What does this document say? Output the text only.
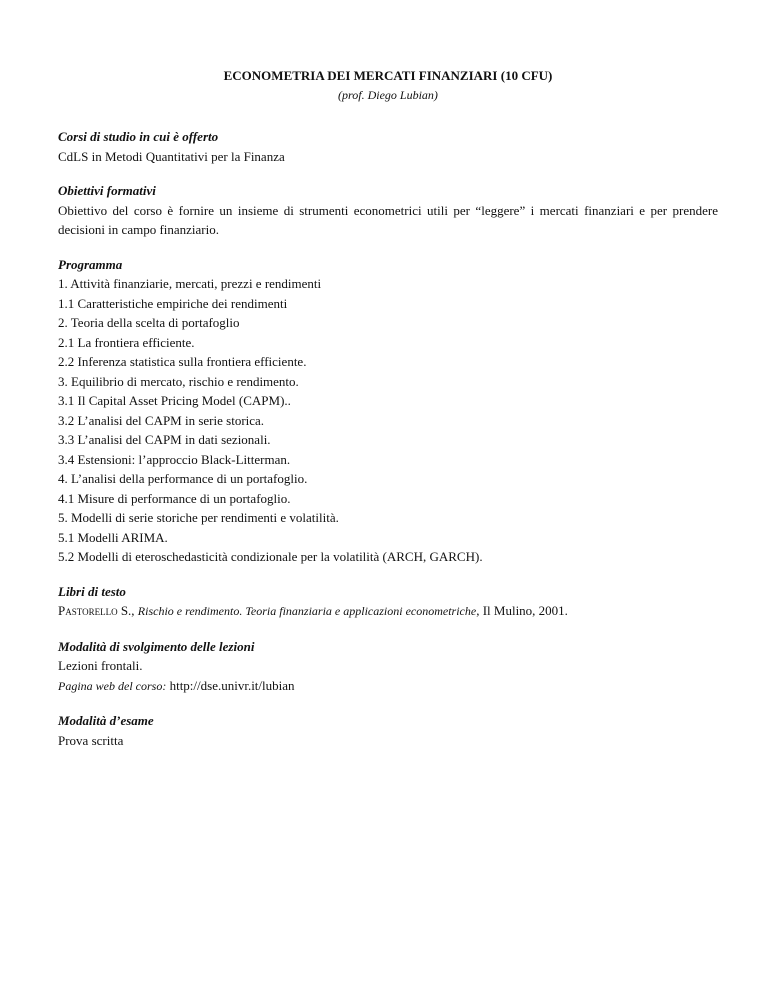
ECONOMETRIA DEI MERCATI FINANZIARI (10 CFU)

(prof. Diego Lubian)

Corsi di studio in cui è offerto

CdLS in Metodi Quantitativi per la Finanza

Obiettivi formativi

Obiettivo del corso è fornire un insieme di strumenti econometrici utili per “leggere” i mercati finanziari e per prendere decisioni in campo finanziario.

Programma

1. Attività finanziarie, mercati, prezzi e rendimenti

1.1 Caratteristiche empiriche dei rendimenti

2. Teoria della scelta di portafoglio

2.1 La frontiera efficiente.

2.2 Inferenza statistica sulla frontiera efficiente.

3. Equilibrio di mercato, rischio e rendimento.

3.1 Il Capital Asset Pricing Model (CAPM)..

3.2 L’analisi del CAPM in serie storica.

3.3 L’analisi del CAPM in dati sezionali.

3.4 Estensioni: l’approccio Black-Litterman.

4. L’analisi della performance di un portafoglio.

4.1 Misure di performance di un portafoglio.

5. Modelli di serie storiche per rendimenti e volatilità.

5.1 Modelli ARIMA.

5.2 Modelli di eteroschedasticità condizionale per la volatilità (ARCH, GARCH).

Libri di testo

Pastorello S., Rischio e rendimento. Teoria finanziaria e applicazioni econometriche, Il Mulino, 2001.

Modalità di svolgimento delle lezioni

Lezioni frontali.

Pagina web del corso: http://dse.univr.it/lubian

Modalità d’esame

Prova scritta
